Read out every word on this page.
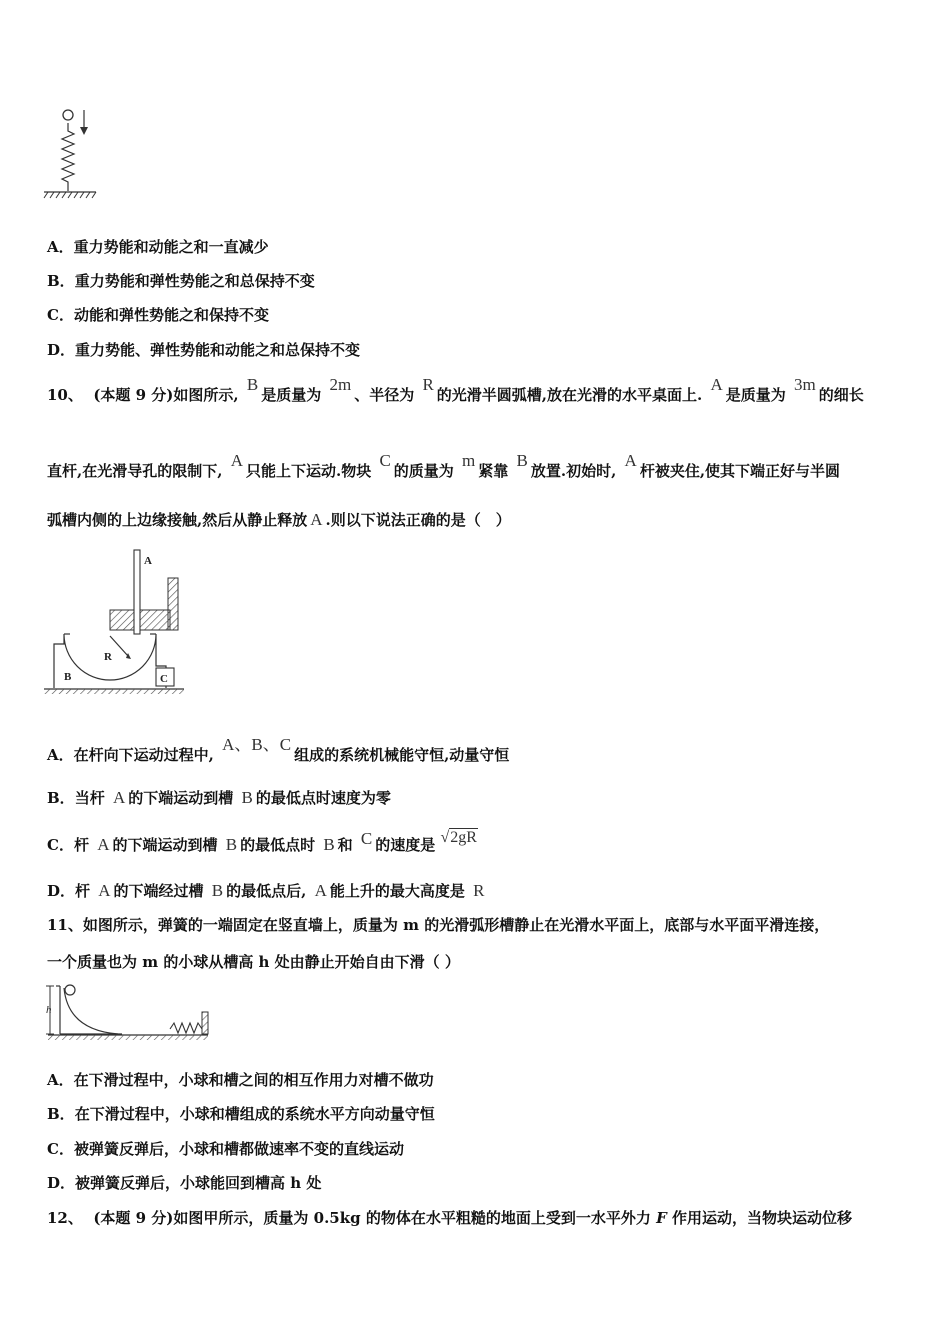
A．重力势能和动能之和一直减少
B．重力势能和弹性势能之和总保持不变
C．动能和弹性势能之和保持不变
D．重力势能、弹性势能和动能之和总保持不变
10、 (本题 9 分)如图所示, B是质量为 2m、半径为 R的光滑半圆弧槽,放在光滑的水平桌面上. A是质量为 3m的细长
直杆,在光滑导孔的限制下, A只能上下运动.物块 C的质量为 m紧靠 B放置.初始时, A杆被夹住,使其下端正好与半圆
弧槽内侧的上边缘接触,然后从静止释放 A .则以下说法正确的是（　）
A
R
B	C
A．在杆向下运动过程中, A、B、C组成的系统机械能守恒,动量守恒
B．当杆 A 的下端运动到槽 B 的最低点时速度为零
C．杆 A 的下端运动到槽 B 的最低点时 B 和 C 的速度是 √2gR
D．杆 A 的下端经过槽 B 的最低点后, A 能上升的最大高度是 R
11、如图所示，弹簧的一端固定在竖直墙上，质量为 m 的光滑弧形槽静止在光滑水平面上，底部与水平面平滑连接，
一个质量也为 m 的小球从槽高 h 处由静止开始自由下滑（ ）
h
A．在下滑过程中，小球和槽之间的相互作用力对槽不做功
B．在下滑过程中，小球和槽组成的系统水平方向动量守恒
C．被弹簧反弹后，小球和槽都做速率不变的直线运动
D．被弹簧反弹后，小球能回到槽高 h 处
12、 (本题 9 分)如图甲所示，质量为 0.5kg 的物体在水平粗糙的地面上受到一水平外力 F 作用运动，当物块运动位移
